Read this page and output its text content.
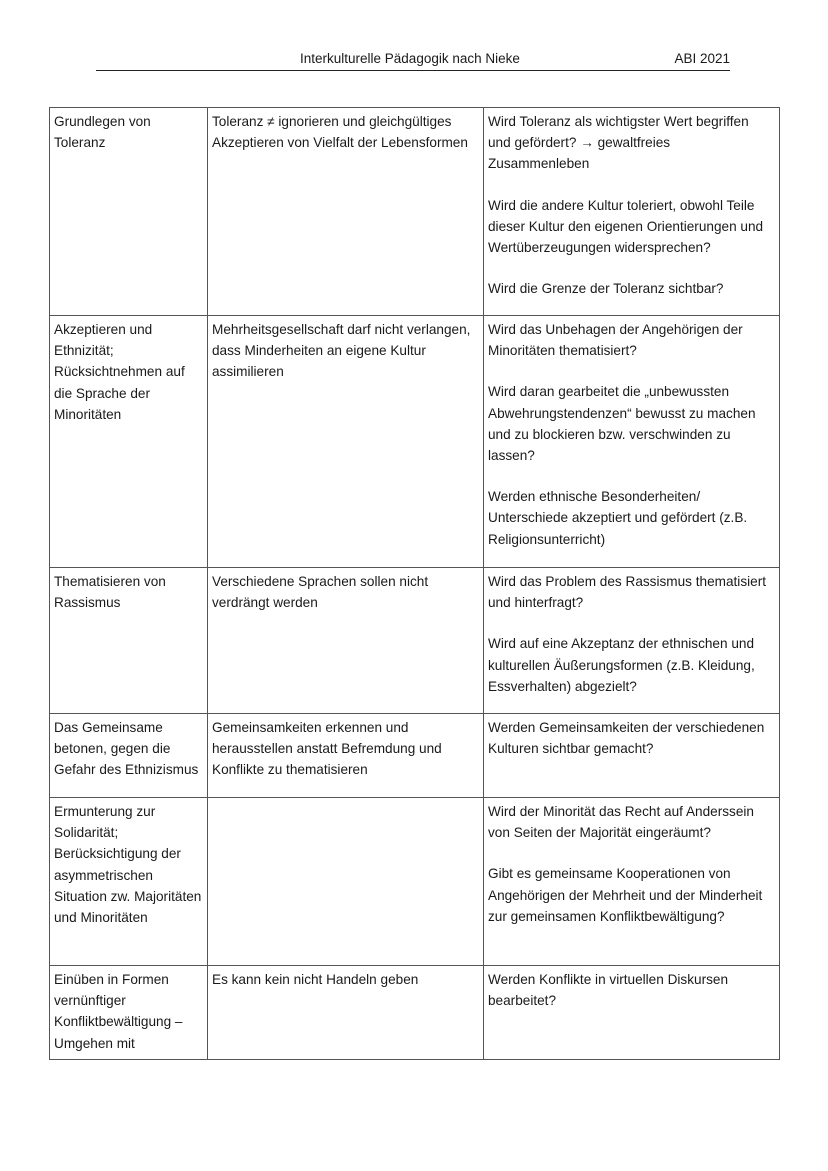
Interkulturelle Pädagogik nach Nieke	ABI 2021
Grundlegen von Toleranz	Toleranz ≠ ignorieren und gleichgültiges Akzeptieren von Vielfalt der Lebensformen	Wird Toleranz als wichtigster Wert begriffen und gefördert? → gewaltfreies Zusammenleben

Wird die andere Kultur toleriert, obwohl Teile dieser Kultur den eigenen Orientierungen und Wertüberzeugungen widersprechen?

Wird die Grenze der Toleranz sichtbar?

Akzeptieren und Ethnizität; Rücksichtnehmen auf die Sprache der Minoritäten	Mehrheitsgesellschaft darf nicht verlangen, dass Minderheiten an eigene Kultur assimilieren	Wird das Unbehagen der Angehörigen der Minoritäten thematisiert?

Wird daran gearbeitet die „unbewussten Abwehrungstendenzen“ bewusst zu machen und zu blockieren bzw. verschwinden zu lassen?

Werden ethnische Besonderheiten/ Unterschiede akzeptiert und gefördert (z.B. Religionsunterricht)

Thematisieren von Rassismus	Verschiedene Sprachen sollen nicht verdrängt werden	Wird das Problem des Rassismus thematisiert und hinterfragt?

Wird auf eine Akzeptanz der ethnischen und kulturellen Äußerungsformen (z.B. Kleidung, Essverhalten) abgezielt?

Das Gemeinsame betonen, gegen die Gefahr des Ethnizismus	Gemeinsamkeiten erkennen und herausstellen anstatt Befremdung und Konflikte zu thematisieren	Werden Gemeinsamkeiten der verschiedenen Kulturen sichtbar gemacht?

Ermunterung zur Solidarität; Berücksichtigung der asymmetrischen Situation zw. Majoritäten und Minoritäten		Wird der Minorität das Recht auf Anderssein von Seiten der Majorität eingeräumt?

Gibt es gemeinsame Kooperationen von Angehörigen der Mehrheit und der Minderheit zur gemeinsamen Konfliktbewältigung?

Einüben in Formen vernünftiger Konfliktbewältigung – Umgehen mit	Es kann kein nicht Handeln geben	Werden Konflikte in virtuellen Diskursen bearbeitet?
